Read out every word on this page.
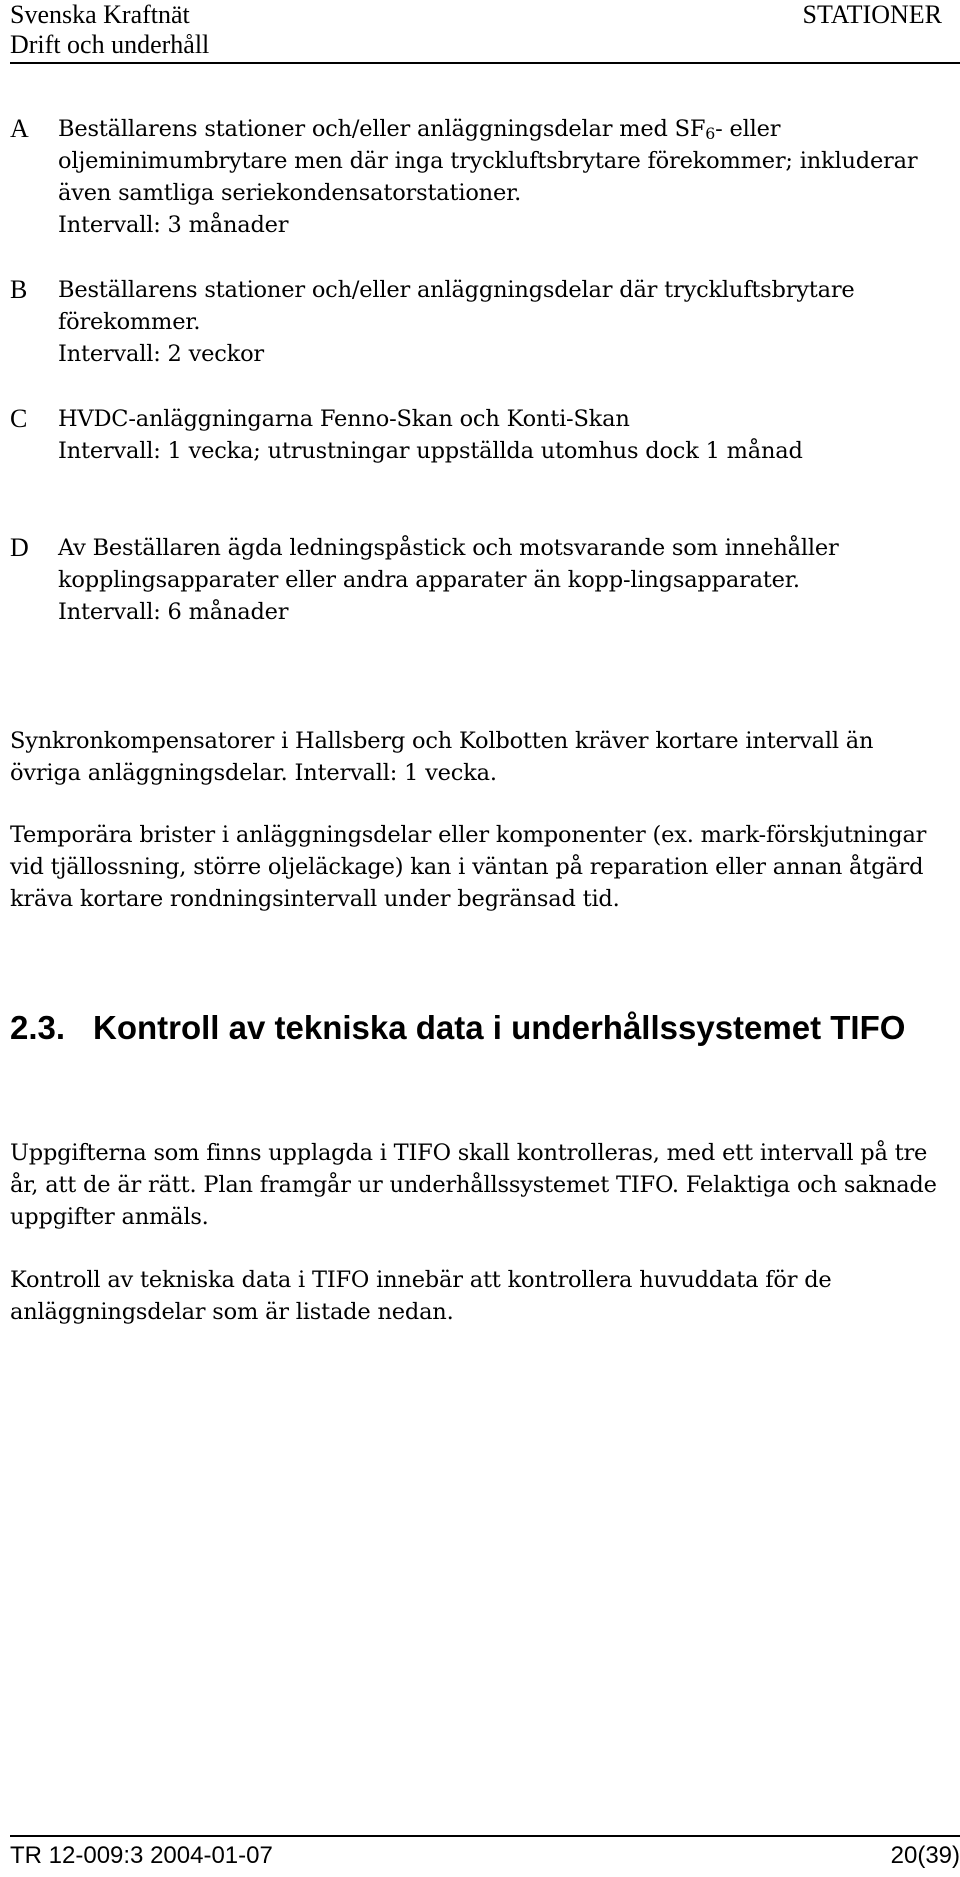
Svenska Kraftnät
Drift och underhåll
STATIONER
A	Beställarens stationer och/eller anläggningsdelar med $SF_6-$ eller oljeminimumbrytare men där inga tryckluftsbrytare förekommer; inkluderar även samtliga seriekondensatorstationer.

Intervall: 3 månader

B	Beställarens stationer och/eller anläggningsdelar där tryckluftsbrytare förekommer.

Intervall: 2 veckor

C	HVDC-anläggningarna Fenno-Skan och Konti-Skan

Intervall: 1 vecka; utrustningar uppställda utomhus dock 1 månad

D	Av Beställaren ägda ledningspåstick och motsvarande som innehåller kopplingsapparater eller andra apparater än kopp-lingsapparater.

Intervall: 6 månader

Synkronkompensatorer i Hallsberg och Kolbotten kräver kortare intervall än övriga anläggningsdelar. Intervall: 1 vecka.

Temporära brister i anläggningsdelar eller komponenter (ex. mark-förskjutningar vid tjällossning, större oljeläckage) kan i väntan på reparation eller annan åtgärd kräva kortare rondningsintervall under begränsad tid.

2.3. Kontroll av tekniska data i underhållssystemet TIFO

Uppgifterna som finns upplagda i TIFO skall kontrolleras, med ett intervall på tre år, att de är rätt. Plan framgår ur underhållssystemet TIFO. Felaktiga och saknade uppgifter anmäls.

Kontroll av tekniska data i TIFO innebär att kontrollera huvuddata för de anläggningsdelar som är listade nedan.

TR 12-009:3 2004-01-07	20(39)
